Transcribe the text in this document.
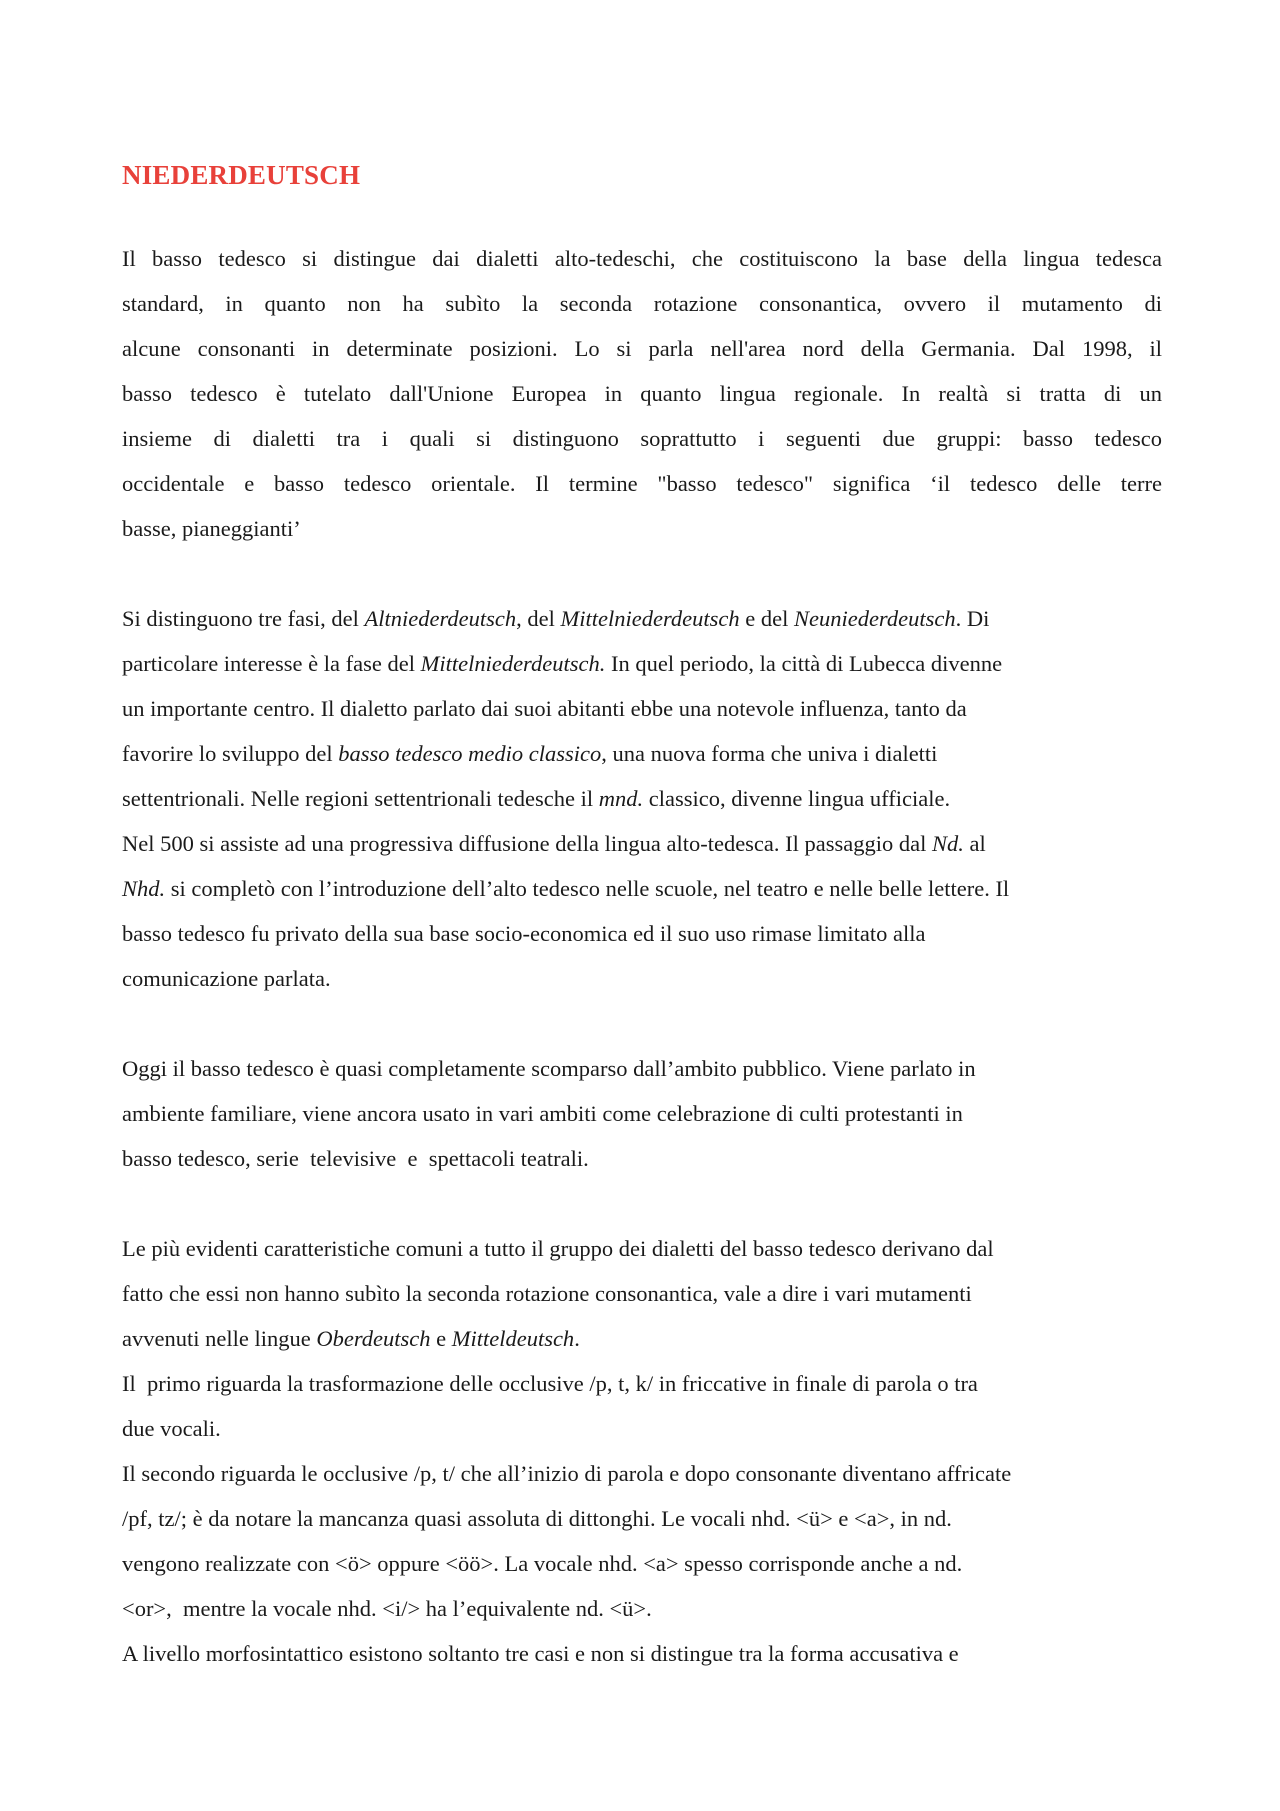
NIEDERDEUTSCH
Il basso tedesco si distingue dai dialetti alto-tedeschi, che costituiscono la base della lingua tedesca
standard, in quanto non ha subìto la seconda rotazione consonantica, ovvero il mutamento di
alcune consonanti in determinate posizioni. Lo si parla nell'area nord della Germania. Dal 1998, il
basso tedesco è tutelato dall'Unione Europea in quanto lingua regionale. In realtà si tratta di un
insieme di dialetti tra i quali si distinguono soprattutto i seguenti due gruppi: basso tedesco
occidentale e basso tedesco orientale. Il termine "basso tedesco" significa ‘il tedesco delle terre
basse, pianeggianti’
Si distinguono tre fasi, del Altniederdeutsch, del Mittelniederdeutsch e del Neuniederdeutsch. Di
particolare interesse è la fase del Mittelniederdeutsch. In quel periodo, la città di Lubecca divenne
un importante centro. Il dialetto parlato dai suoi abitanti ebbe una notevole influenza, tanto da
favorire lo sviluppo del basso tedesco medio classico, una nuova forma che univa i dialetti
settentrionali. Nelle regioni settentrionali tedesche il mnd. classico, divenne lingua ufficiale.
Nel 500 si assiste ad una progressiva diffusione della lingua alto-tedesca. Il passaggio dal Nd. al
Nhd. si completò con l’introduzione dell’alto tedesco nelle scuole, nel teatro e nelle belle lettere. Il
basso tedesco fu privato della sua base socio-economica ed il suo uso rimase limitato alla
comunicazione parlata.
Oggi il basso tedesco è quasi completamente scomparso dall’ambito pubblico. Viene parlato in
ambiente familiare, viene ancora usato in vari ambiti come celebrazione di culti protestanti in
basso tedesco, serie  televisive  e  spettacoli teatrali.
Le più evidenti caratteristiche comuni a tutto il gruppo dei dialetti del basso tedesco derivano dal
fatto che essi non hanno subìto la seconda rotazione consonantica, vale a dire i vari mutamenti
avvenuti nelle lingue Oberdeutsch e Mitteldeutsch.
Il  primo riguarda la trasformazione delle occlusive /p, t, k/ in friccative in finale di parola o tra
due vocali.
Il secondo riguarda le occlusive /p, t/ che all’inizio di parola e dopo consonante diventano affricate
/pf, tz/; è da notare la mancanza quasi assoluta di dittonghi. Le vocali nhd. <ü> e <a>, in nd.
vengono realizzate con <ö> oppure <öö>. La vocale nhd. <a> spesso corrisponde anche a nd.
<or>,  mentre la vocale nhd. <i/> ha l’equivalente nd. <ü>.
A livello morfosintattico esistono soltanto tre casi e non si distingue tra la forma accusativa e
